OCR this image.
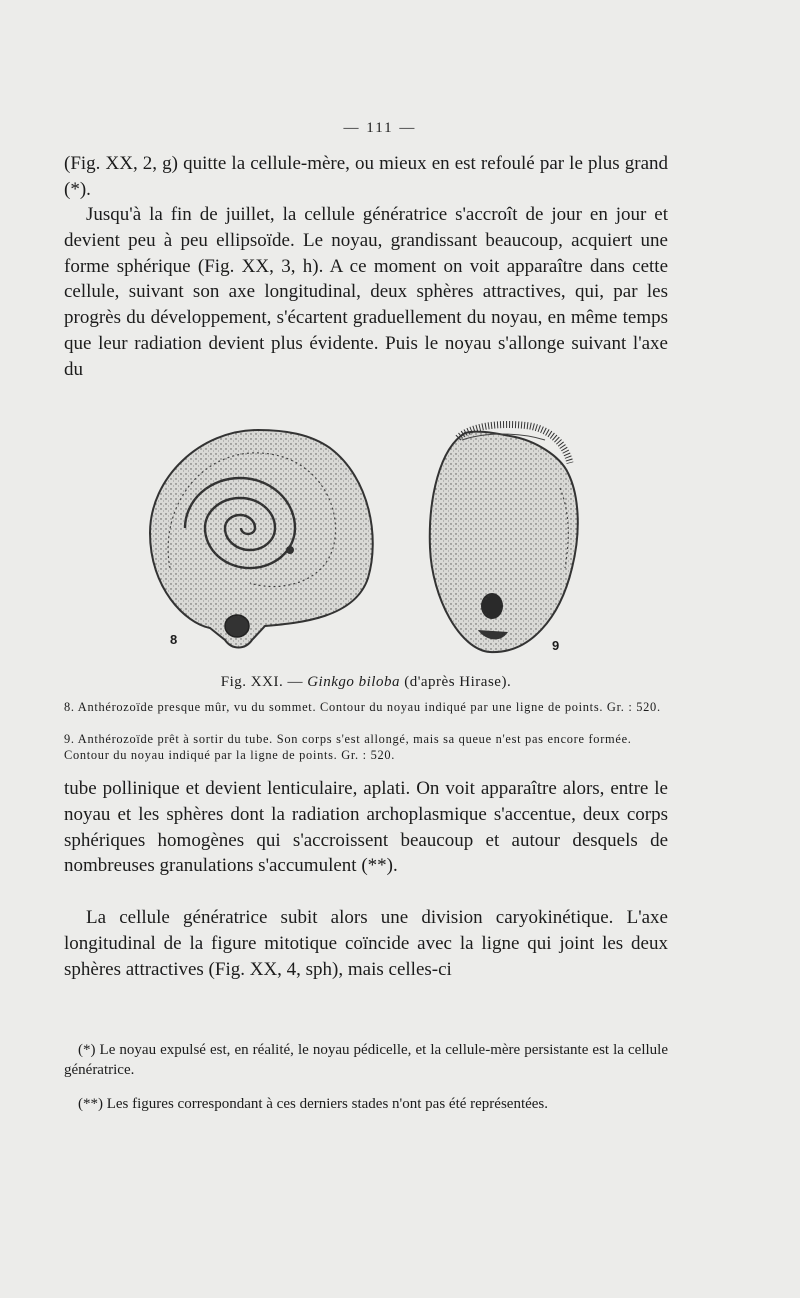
— 111 —

(Fig. XX, 2, g) quitte la cellule-mère, ou mieux en est refoulé par le plus grand (*).

Jusqu'à la fin de juillet, la cellule génératrice s'accroît de jour en jour et devient peu à peu ellipsoïde. Le noyau, grandissant beaucoup, acquiert une forme sphérique (Fig. XX, 3, h). A ce moment on voit apparaître dans cette cellule, suivant son axe longitudinal, deux sphères attractives, qui, par les progrès du développement, s'écartent graduellement du noyau, en même temps que leur radiation devient plus évidente. Puis le noyau s'allonge suivant l'axe du

8	9
Fig. XXI. — Ginkgo biloba (d'après Hirase).

8. Anthérozoïde presque mûr, vu du sommet. Contour du noyau indiqué par une ligne de points. Gr. : 520.

9. Anthérozoïde prêt à sortir du tube. Son corps s'est allongé, mais sa queue n'est pas encore formée. Contour du noyau indiqué par la ligne de points. Gr. : 520.

tube pollinique et devient lenticulaire, aplati. On voit apparaître alors, entre le noyau et les sphères dont la radiation archoplasmique s'accentue, deux corps sphériques homogènes qui s'accroissent beaucoup et autour desquels de nombreuses granulations s'accumulent (**).

La cellule génératrice subit alors une division caryokinétique. L'axe longitudinal de la figure mitotique coïncide avec la ligne qui joint les deux sphères attractives (Fig. XX, 4, sph), mais celles-ci

(*) Le noyau expulsé est, en réalité, le noyau pédicelle, et la cellule-mère persistante est la cellule génératrice.

(**) Les figures correspondant à ces derniers stades n'ont pas été représentées.
